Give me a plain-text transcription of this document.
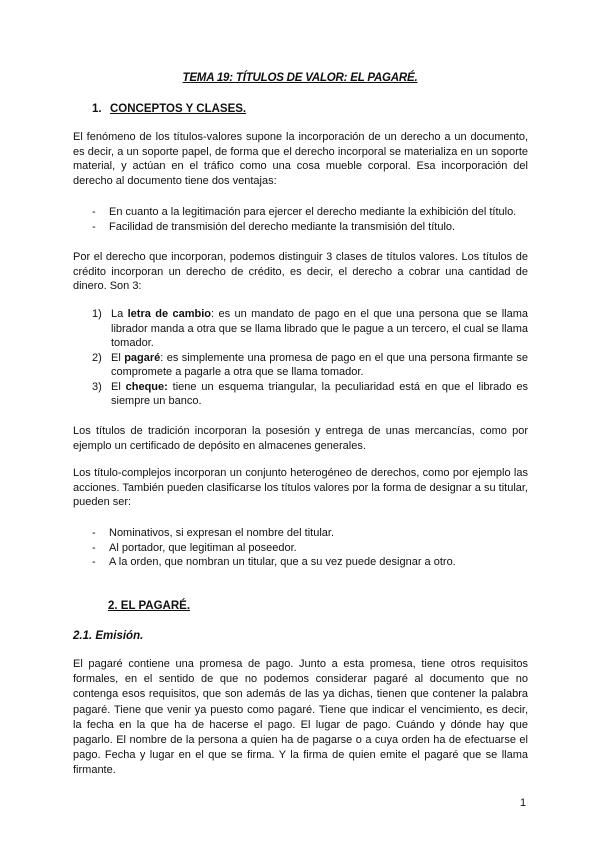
TEMA 19: TÍTULOS DE VALOR: EL PAGARÉ.
1. CONCEPTOS Y CLASES.

El fenómeno de los títulos-valores supone la incorporación de un derecho a un documento, es decir, a un soporte papel, de forma que el derecho incorporal se materializa en un soporte material, y actúan en el tráfico como una cosa mueble corporal. Esa incorporación del derecho al documento tiene dos ventajas:

- En cuanto a la legitimación para ejercer el derecho mediante la exhibición del título.
- Facilidad de transmisión del derecho mediante la transmisión del título.

Por el derecho que incorporan, podemos distinguir 3 clases de títulos valores. Los títulos de crédito incorporan un derecho de crédito, es decir, el derecho a cobrar una cantidad de dinero. Son 3:

1) La letra de cambio: es un mandato de pago en el que una persona que se llama librador manda a otra que se llama librado que le pague a un tercero, el cual se llama tomador.
2) El pagaré: es simplemente una promesa de pago en el que una persona firmante se compromete a pagarle a otra que se llama tomador.
3) El cheque: tiene un esquema triangular, la peculiaridad está en que el librado es siempre un banco.

Los títulos de tradición incorporan la posesión y entrega de unas mercancías, como por ejemplo un certificado de depósito en almacenes generales.

Los título-complejos incorporan un conjunto heterogéneo de derechos, como por ejemplo las acciones. También pueden clasificarse los títulos valores por la forma de designar a su titular, pueden ser:

- Nominativos, si expresan el nombre del titular.
- Al portador, que legitiman al poseedor.
- A la orden, que nombran un titular, que a su vez puede designar a otro.
2. EL PAGARÉ.
2.1. Emisión.

El pagaré contiene una promesa de pago. Junto a esta promesa, tiene otros requisitos formales, en el sentido de que no podemos considerar pagaré al documento que no contenga esos requisitos, que son además de las ya dichas, tienen que contener la palabra pagaré. Tiene que venir ya puesto como pagaré. Tiene que indicar el vencimiento, es decir, la fecha en la que ha de hacerse el pago. El lugar de pago. Cuándo y dónde hay que pagarlo. El nombre de la persona a quien ha de pagarse o a cuya orden ha de efectuarse el pago. Fecha y lugar en el que se firma. Y la firma de quien emite el pagaré que se llama firmante.

1
